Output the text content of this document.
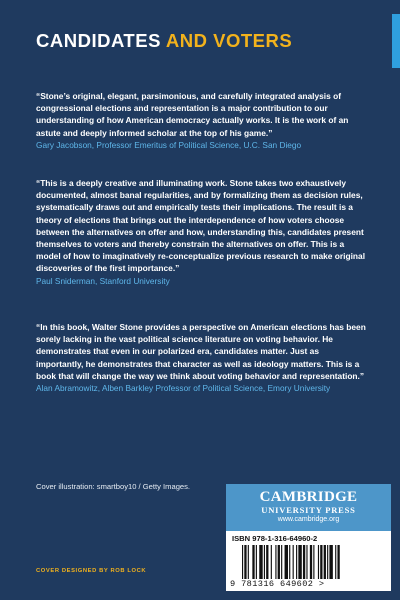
CANDIDATES AND VOTERS

“Stone’s original, elegant, parsimonious, and carefully integrated analysis of congressional elections and representation is a major contribution to our understanding of how American democracy actually works. It is the work of an astute and deeply informed scholar at the top of his game.”

Gary Jacobson, Professor Emeritus of Political Science, U.C. San Diego

“This is a deeply creative and illuminating work. Stone takes two exhaustively documented, almost banal regularities, and by formalizing them as decision rules, systematically draws out and empirically tests their implications. The result is a theory of elections that brings out the interdependence of how voters choose between the alternatives on offer and how, understanding this, candidates present themselves to voters and thereby constrain the alternatives on offer. This is a model of how to imaginatively re-conceptualize previous research to make original discoveries of the first importance.”

Paul Sniderman, Stanford University

“In this book, Walter Stone provides a perspective on American elections has been sorely lacking in the vast political science literature on voting behavior. He demonstrates that even in our polarized era, candidates matter. Just as importantly, he demonstrates that character as well as ideology matters. This is a book that will change the way we think about voting behavior and representation.”

Alan Abramowitz, Alben Barkley Professor of Political Science, Emory University
Cover illustration: smartboy10 / Getty Images.
COVER DESIGNED BY ROB LOCK
CAMBRIDGE
UNIVERSITY PRESS
www.cambridge.org
ISBN 978-1-316-64960-2
9 781316 649602 >
